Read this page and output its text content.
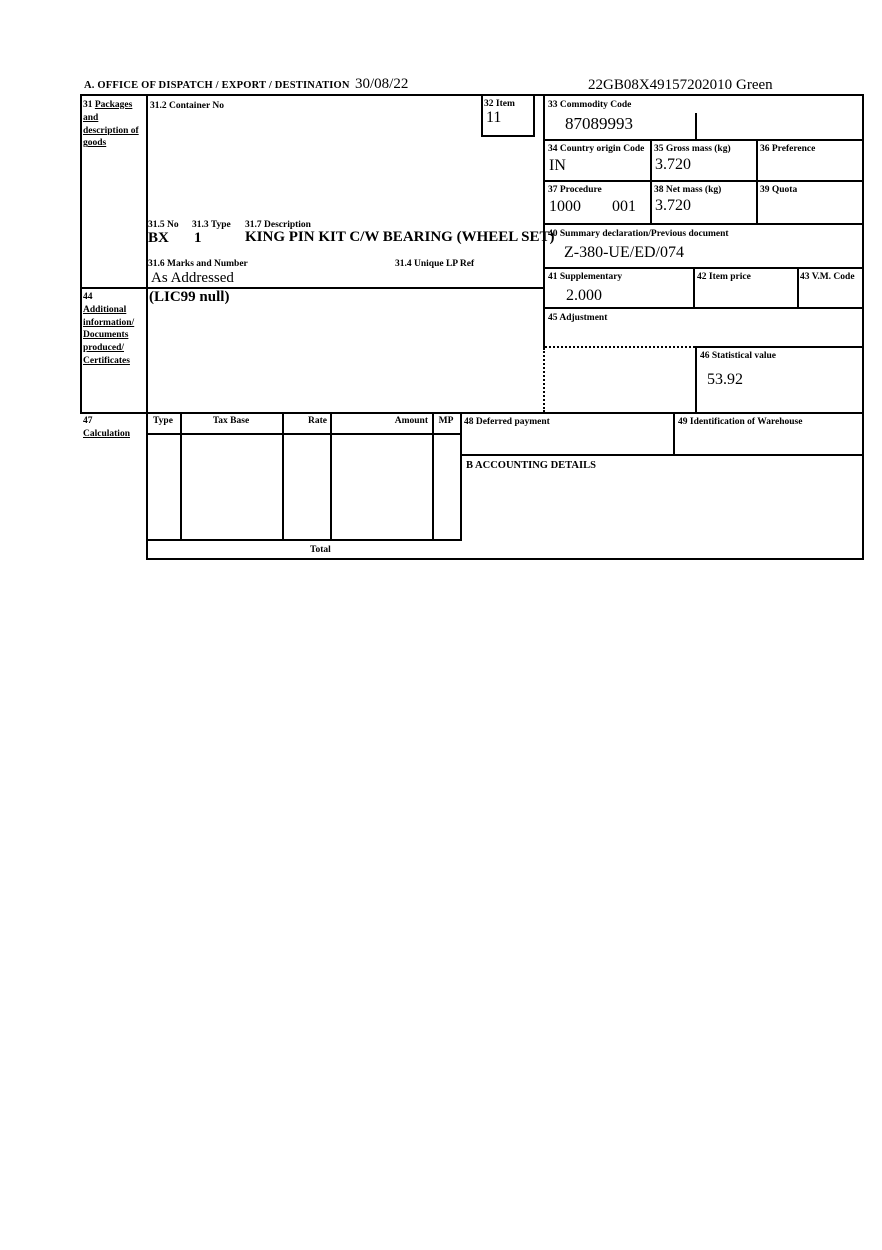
A. OFFICE OF DISPATCH / EXPORT / DESTINATION 30/08/22	22GB08X49157202010 Green
31 Packages and description of goods
31.2 Container No	32 Item
11
33 Commodity Code
87089993
34 Country origin Code
IN
35 Gross mass (kg)
3.720
36 Preference
37 Procedure
1000 001
38 Net mass (kg)
3.720
39 Quota
31.5 No 31.3 Type 31.7 Description
BX 1	KING PIN KIT C/W BEARING (WHEEL SET)
31.6 Marks and Number	31.4 Unique LP Ref
As Addressed
40 Summary declaration/Previous document
Z-380-UE/ED/074
41 Supplementary
2.000
42 Item price	43 V.M. Code
44
Additional information/ Documents produced/ Certificates
(LIC99 null)
45 Adjustment
46 Statistical value
53.92
47
Calculation
Type	Tax Base	Rate	Amount	MP	48 Deferred payment	49 Identification of Warehouse
B ACCOUNTING DETAILS
Total
